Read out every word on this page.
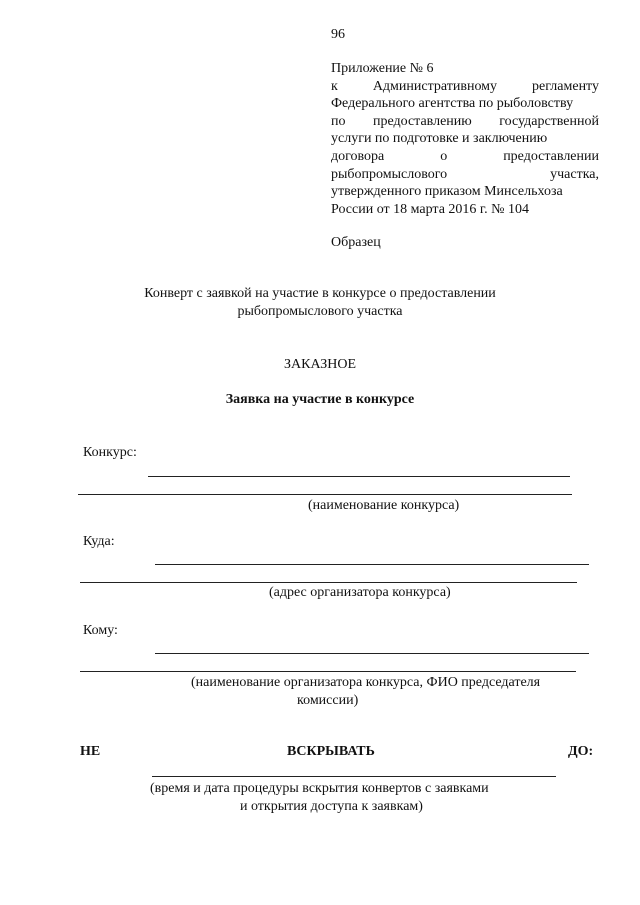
96
Приложение № 6
к	Административному	регламенту
Федерального агентства по рыболовству
по предоставлению государственной
услуги по подготовке и заключению
договора	о	предоставлении
рыбопромыслового	участка,
утвержденного приказом Минсельхоза
России от 18 марта 2016 г. № 104
Образец
Конверт с заявкой на участие в конкурсе о предоставлении
рыбопромыслового участка
ЗАКАЗНОЕ
Заявка на участие в конкурсе
Конкурс:
(наименование конкурса)
Куда:
(адрес организатора конкурса)
Кому:
(наименование организатора конкурса, ФИО председателя
комиссии)
НЕ	ВСКРЫВАТЬ	ДО:
(время и дата процедуры вскрытия конвертов с заявками
и открытия доступа к заявкам)
